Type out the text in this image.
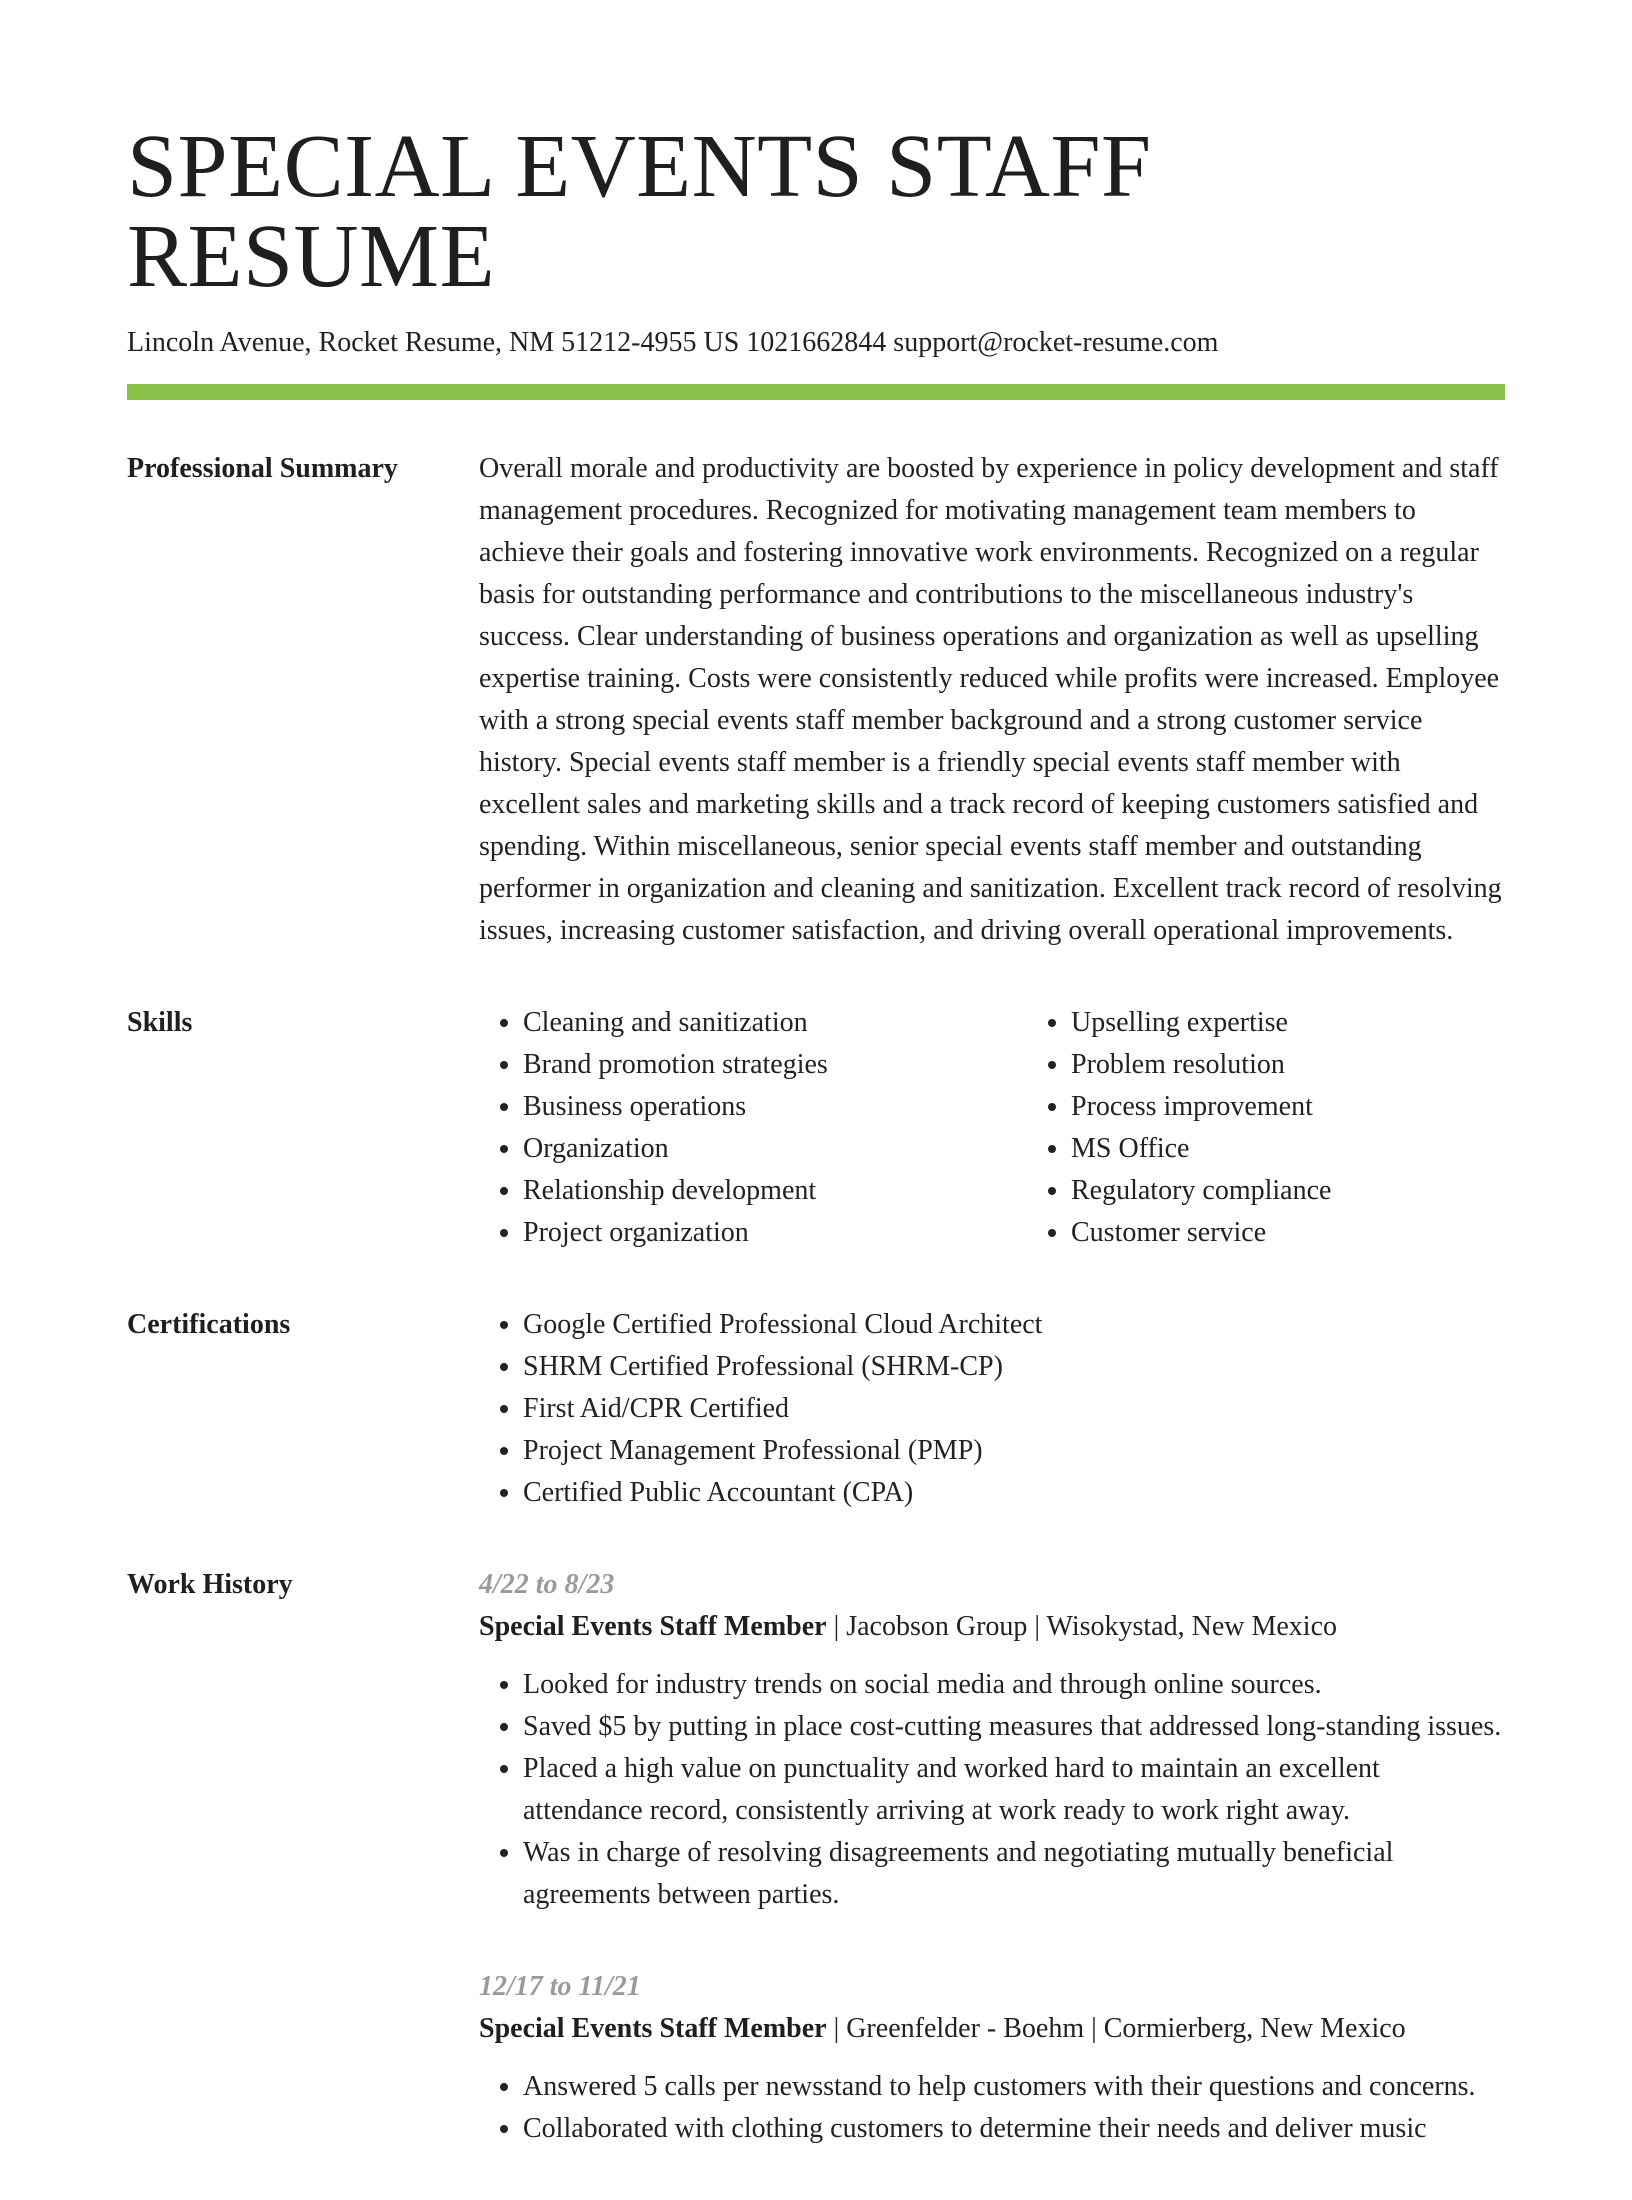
SPECIAL EVENTS STAFF RESUME
Lincoln Avenue, Rocket Resume, NM 51212-4955 US 1021662844 support@rocket-resume.com
Professional Summary	Overall morale and productivity are boosted by experience in policy development and staff management procedures. Recognized for motivating management team members to achieve their goals and fostering innovative work environments. Recognized on a regular basis for outstanding performance and contributions to the miscellaneous industry's success. Clear understanding of business operations and organization as well as upselling expertise training. Costs were consistently reduced while profits were increased. Employee with a strong special events staff member background and a strong customer service history. Special events staff member is a friendly special events staff member with excellent sales and marketing skills and a track record of keeping customers satisfied and spending. Within miscellaneous, senior special events staff member and outstanding performer in organization and cleaning and sanitization. Excellent track record of resolving issues, increasing customer satisfaction, and driving overall operational improvements.

Skills	• Cleaning and sanitization
• Brand promotion strategies
• Business operations
• Organization
• Relationship development
• Project organization
• Upselling expertise
• Problem resolution
• Process improvement
• MS Office
• Regulatory compliance
• Customer service
Certifications	• Google Certified Professional Cloud Architect
• SHRM Certified Professional (SHRM-CP)
• First Aid/CPR Certified
• Project Management Professional (PMP)
• Certified Public Accountant (CPA)
Work History	4/22 to 8/23
Special Events Staff Member | Jacobson Group | Wisokystad, New Mexico
• Looked for industry trends on social media and through online sources.
• Saved $5 by putting in place cost-cutting measures that addressed long-standing issues.
• Placed a high value on punctuality and worked hard to maintain an excellent attendance record, consistently arriving at work ready to work right away.
• Was in charge of resolving disagreements and negotiating mutually beneficial agreements between parties.
12/17 to 11/21
Special Events Staff Member | Greenfelder - Boehm | Cormierberg, New Mexico
• Answered 5 calls per newsstand to help customers with their questions and concerns.
• Collaborated with clothing customers to determine their needs and deliver music
